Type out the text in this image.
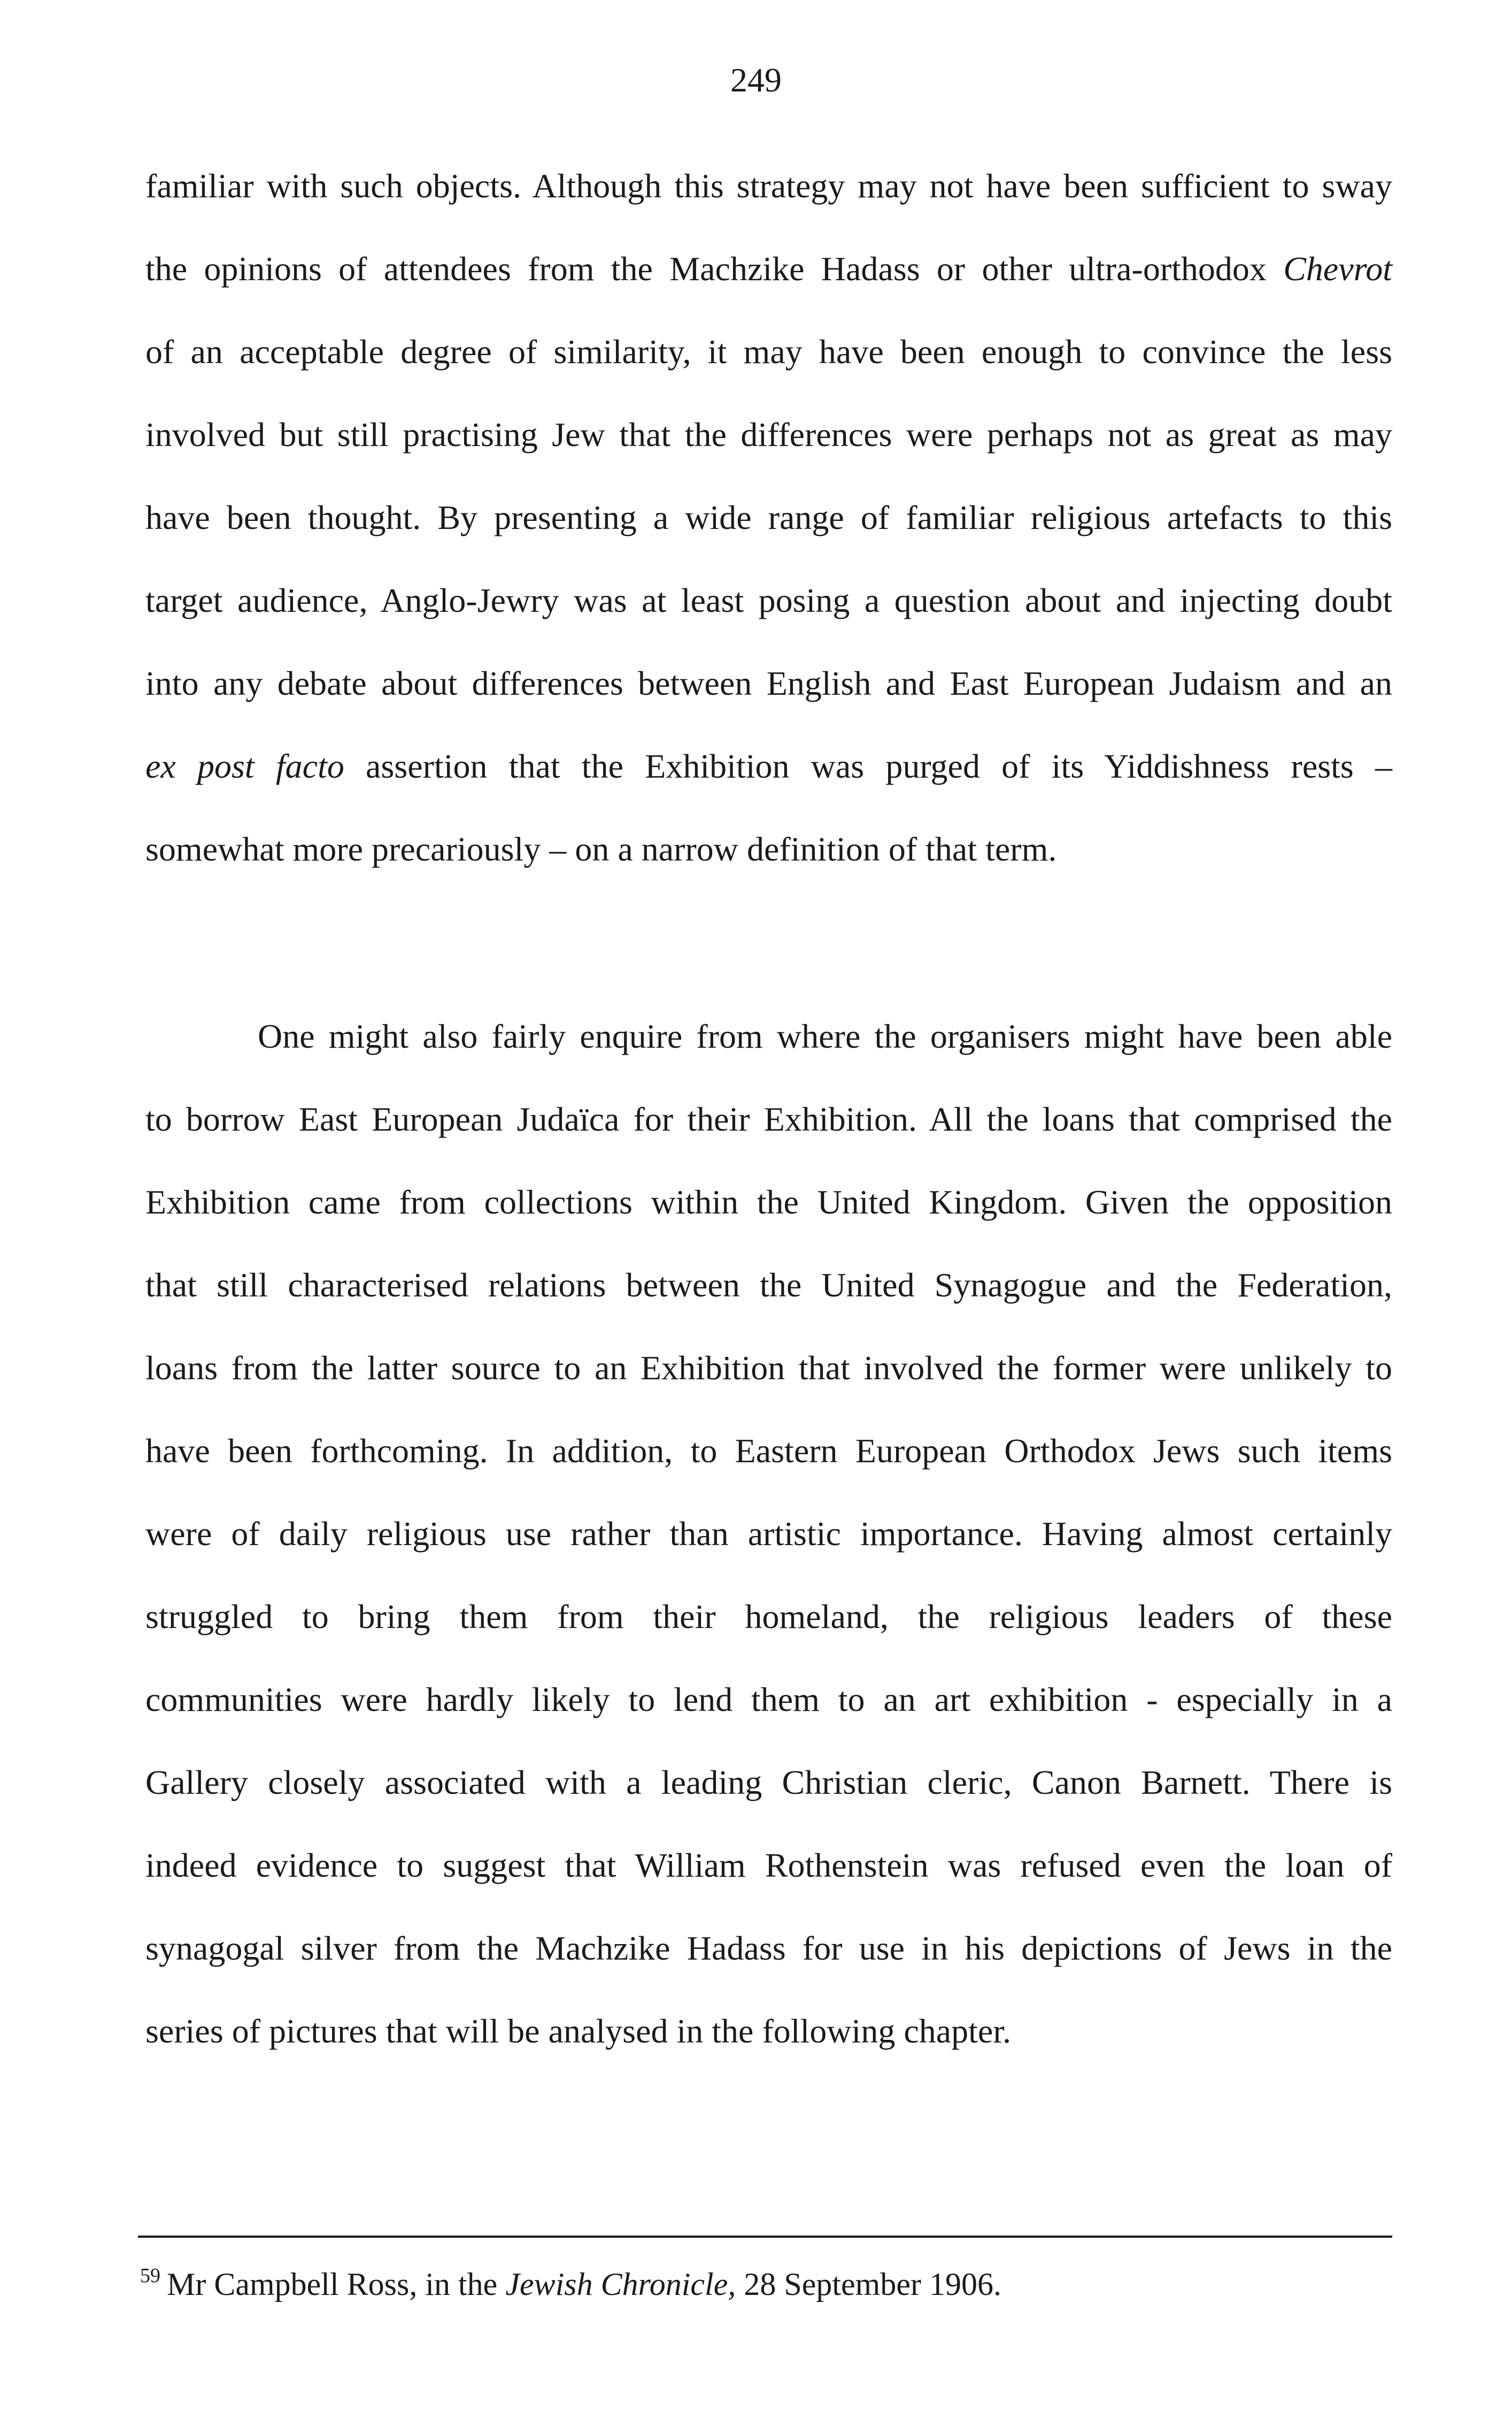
249
familiar with such objects. Although this strategy may not have been sufficient to sway
the opinions of attendees from the Machzike Hadass or other ultra-orthodox Chevrot
of an acceptable degree of similarity, it may have been enough to convince the less
involved but still practising Jew that the differences were perhaps not as great as may
have been thought. By presenting a wide range of familiar religious artefacts to this
target audience, Anglo-Jewry was at least posing a question about and injecting doubt
into any debate about differences between English and East European Judaism and an
ex post facto assertion that the Exhibition was purged of its Yiddishness rests –
somewhat more precariously – on a narrow definition of that term.
One might also fairly enquire from where the organisers might have been able
to borrow East European Judaïca for their Exhibition. All the loans that comprised the
Exhibition came from collections within the United Kingdom. Given the opposition
that still characterised relations between the United Synagogue and the Federation,
loans from the latter source to an Exhibition that involved the former were unlikely to
have been forthcoming. In addition, to Eastern European Orthodox Jews such items
were of daily religious use rather than artistic importance. Having almost certainly
struggled to bring them from their homeland, the religious leaders of these
communities were hardly likely to lend them to an art exhibition - especially in a
Gallery closely associated with a leading Christian cleric, Canon Barnett. There is
indeed evidence to suggest that William Rothenstein was refused even the loan of
synagogal silver from the Machzike Hadass for use in his depictions of Jews in the
series of pictures that will be analysed in the following chapter.
$^{59}$ Mr Campbell Ross, in the Jewish Chronicle, 28 September 1906.
